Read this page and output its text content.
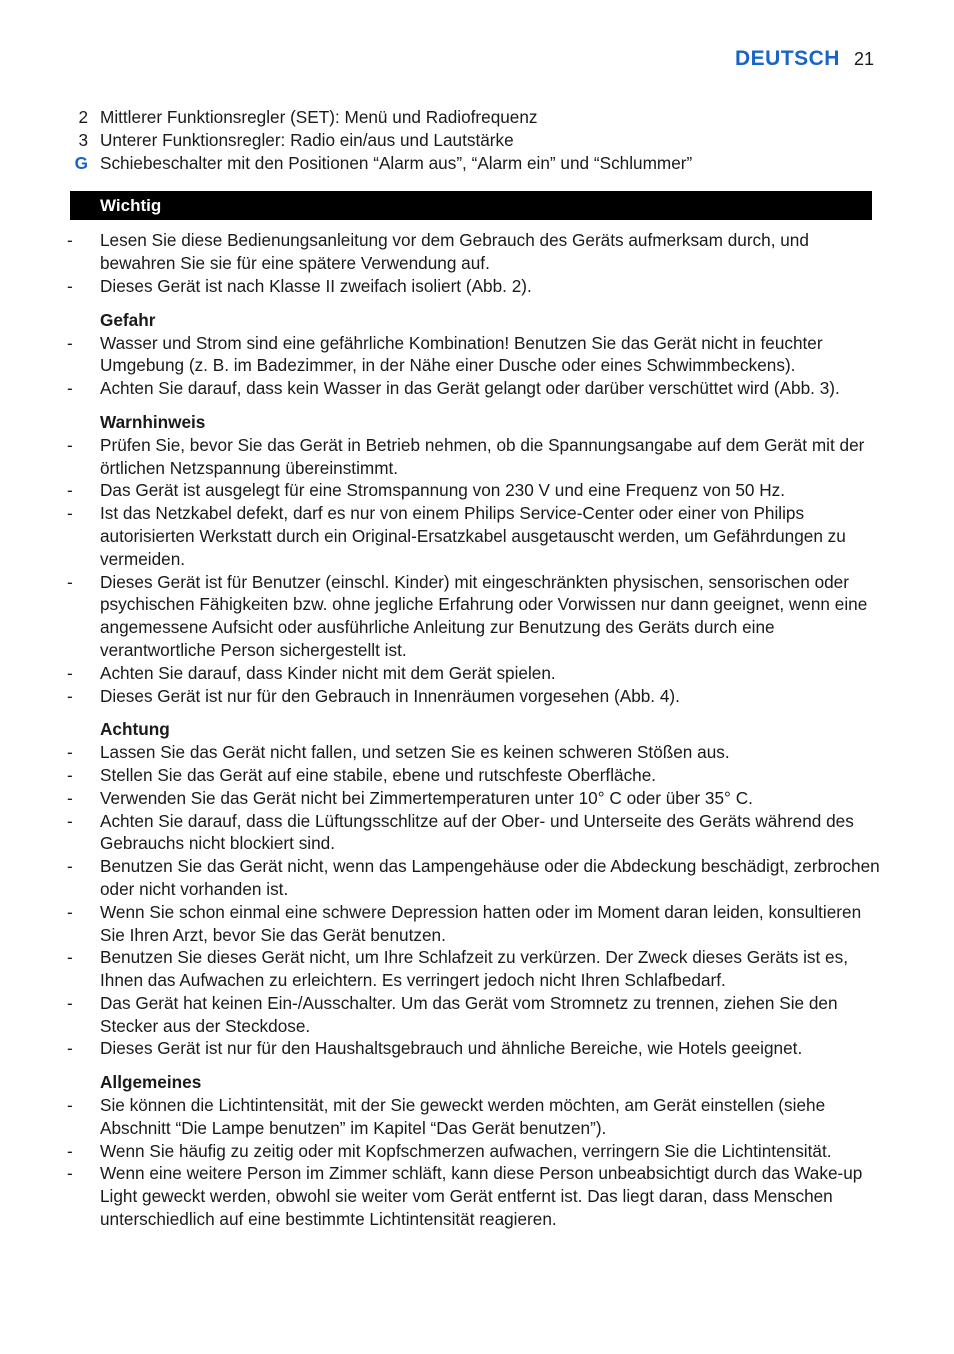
DEUTSCH 21
2 Mittlerer Funktionsregler (SET): Menü und Radiofrequenz
3 Unterer Funktionsregler: Radio ein/aus und Lautstärke
G Schiebeschalter mit den Positionen “Alarm aus”, “Alarm ein” und “Schlummer”
Wichtig
-	Lesen Sie diese Bedienungsanleitung vor dem Gebrauch des Geräts aufmerksam durch, und bewahren Sie sie für eine spätere Verwendung auf.
-	Dieses Gerät ist nach Klasse II zweifach isoliert (Abb. 2).
Gefahr
-	Wasser und Strom sind eine gefährliche Kombination! Benutzen Sie das Gerät nicht in feuchter Umgebung (z. B. im Badezimmer, in der Nähe einer Dusche oder eines Schwimmbeckens).
-	Achten Sie darauf, dass kein Wasser in das Gerät gelangt oder darüber verschüttet wird (Abb. 3).
Warnhinweis
-	Prüfen Sie, bevor Sie das Gerät in Betrieb nehmen, ob die Spannungsangabe auf dem Gerät mit der örtlichen Netzspannung übereinstimmt.
-	Das Gerät ist ausgelegt für eine Stromspannung von 230 V und eine Frequenz von 50 Hz.
-	Ist das Netzkabel defekt, darf es nur von einem Philips Service-Center oder einer von Philips autorisierten Werkstatt durch ein Original-Ersatzkabel ausgetauscht werden, um Gefährdungen zu vermeiden.
-	Dieses Gerät ist für Benutzer (einschl. Kinder) mit eingeschränkten physischen, sensorischen oder psychischen Fähigkeiten bzw. ohne jegliche Erfahrung oder Vorwissen nur dann geeignet, wenn eine angemessene Aufsicht oder ausführliche Anleitung zur Benutzung des Geräts durch eine verantwortliche Person sichergestellt ist.
-	Achten Sie darauf, dass Kinder nicht mit dem Gerät spielen.
-	Dieses Gerät ist nur für den Gebrauch in Innenräumen vorgesehen (Abb. 4).
Achtung
-	Lassen Sie das Gerät nicht fallen, und setzen Sie es keinen schweren Stößen aus.
-	Stellen Sie das Gerät auf eine stabile, ebene und rutschfeste Oberfläche.
-	Verwenden Sie das Gerät nicht bei Zimmertemperaturen unter 10° C oder über 35° C.
-	Achten Sie darauf, dass die Lüftungsschlitze auf der Ober- und Unterseite des Geräts während des Gebrauchs nicht blockiert sind.
-	Benutzen Sie das Gerät nicht, wenn das Lampengehäuse oder die Abdeckung beschädigt, zerbrochen oder nicht vorhanden ist.
-	Wenn Sie schon einmal eine schwere Depression hatten oder im Moment daran leiden, konsultieren Sie Ihren Arzt, bevor Sie das Gerät benutzen.
-	Benutzen Sie dieses Gerät nicht, um Ihre Schlafzeit zu verkürzen. Der Zweck dieses Geräts ist es, Ihnen das Aufwachen zu erleichtern. Es verringert jedoch nicht Ihren Schlafbedarf.
-	Das Gerät hat keinen Ein-/Ausschalter. Um das Gerät vom Stromnetz zu trennen, ziehen Sie den Stecker aus der Steckdose.
-	Dieses Gerät ist nur für den Haushaltsgebrauch und ähnliche Bereiche, wie Hotels geeignet.
Allgemeines
-	Sie können die Lichtintensität, mit der Sie geweckt werden möchten, am Gerät einstellen (siehe Abschnitt “Die Lampe benutzen” im Kapitel “Das Gerät benutzen”).
-	Wenn Sie häufig zu zeitig oder mit Kopfschmerzen aufwachen, verringern Sie die Lichtintensität.
-	Wenn eine weitere Person im Zimmer schläft, kann diese Person unbeabsichtigt durch das Wake-up Light geweckt werden, obwohl sie weiter vom Gerät entfernt ist. Das liegt daran, dass Menschen unterschiedlich auf eine bestimmte Lichtintensität reagieren.
